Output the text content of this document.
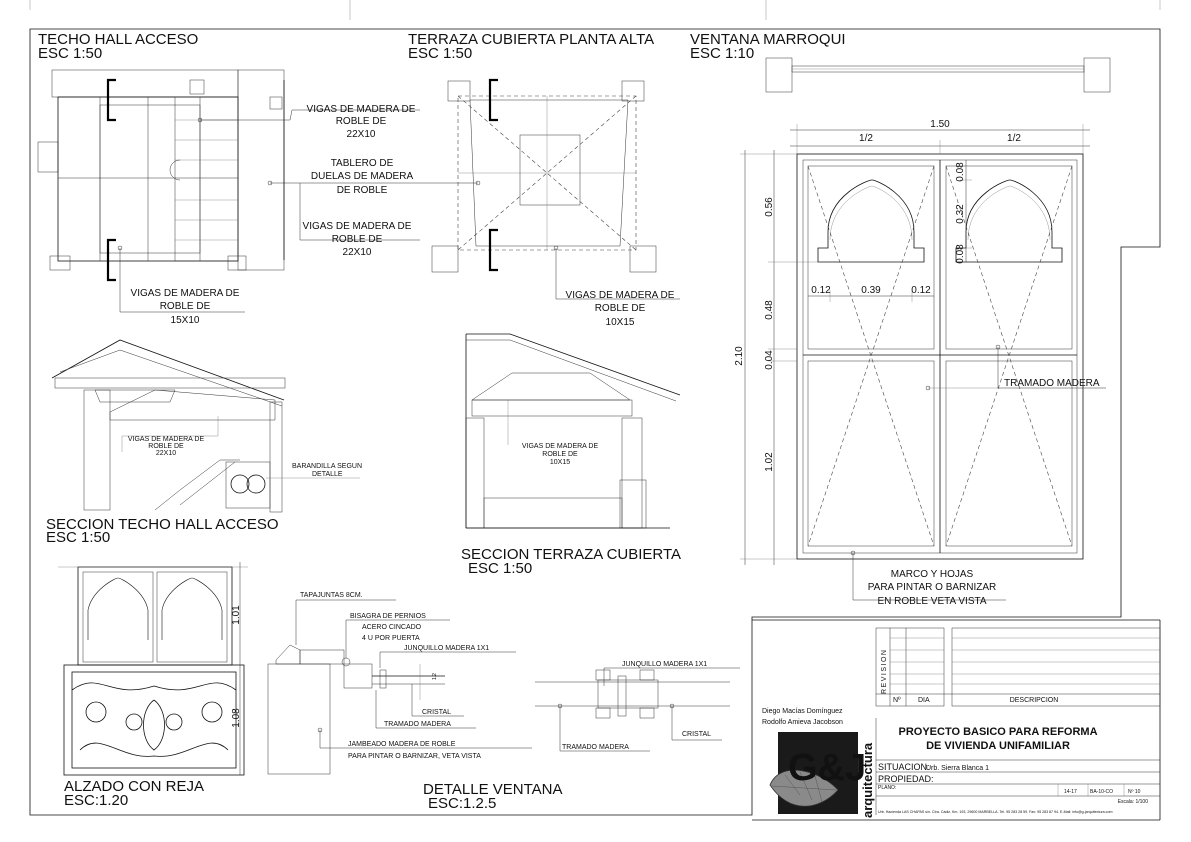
TECHO HALL ACCESO
ESC 1:50
VIGAS DE MADERA DE
ROBLE DE
22X10
TABLERO DE
DUELAS DE MADERA
DE ROBLE
VIGAS DE MADERA DE
ROBLE DE
22X10
VIGAS DE MADERA DE
ROBLE DE
15X10
TERRAZA CUBIERTA PLANTA ALTA
ESC 1:50
VIGAS DE MADERA DE
ROBLE DE
10X15
SECCION TECHO HALL ACCESO
ESC 1:50
VIGAS DE MADERA DE
ROBLE DE
22X10
BARANDILLA SEGUN
DETALLE
SECCION TERRAZA CUBIERTA
ESC 1:50
VIGAS DE MADERA DE
ROBLE DE
10X15
VENTANA MARROQUI
ESC 1:10
1.50
1/2	1/2
2.10
0.56
0.48
0.04
1.02
0.08
0.32
0.08
0.12	0.39	0.12
TRAMADO MADERA
MARCO Y HOJAS
PARA PINTAR O BARNIZAR
EN ROBLE VETA VISTA
1.01
1.08
ALZADO CON REJA
ESC:1.20
TAPAJUNTAS 8CM.
BISAGRA DE PERNIOS
ACERO CINCADO
4 U POR PUERTA
JUNQUILLO MADERA 1X1
1.2
CRISTAL
TRAMADO MADERA
JAMBEADO MADERA DE ROBLE
PARA PINTAR O BARNIZAR, VETA VISTA
JUNQUILLO MADERA 1X1
TRAMADO MADERA
CRISTAL
DETALLE VENTANA
ESC:1.2.5
REVISION
Nº DIA	DESCRIPCION
Diego Macías Domínguez
Rodolfo Amieva Jacobson
G&J
arquitectura
PROYECTO BASICO PARA REFORMA
DE VIVIENDA UNIFAMILIAR
SITUACION:
Urb. Sierra Blanca 1
PROPIEDAD:
PLANO:
14-17	BA-10-CO	Nº 10
Escala: 1/100
Urb. Hacienda LAS CHAPAS s/n. Ctra. Cádiz, Km. 193, 29600 MARBELLA. Tel. 95 283 28 59. Fax: 95 283 87 94. E-Mail: info@g-jarquitectura.com
